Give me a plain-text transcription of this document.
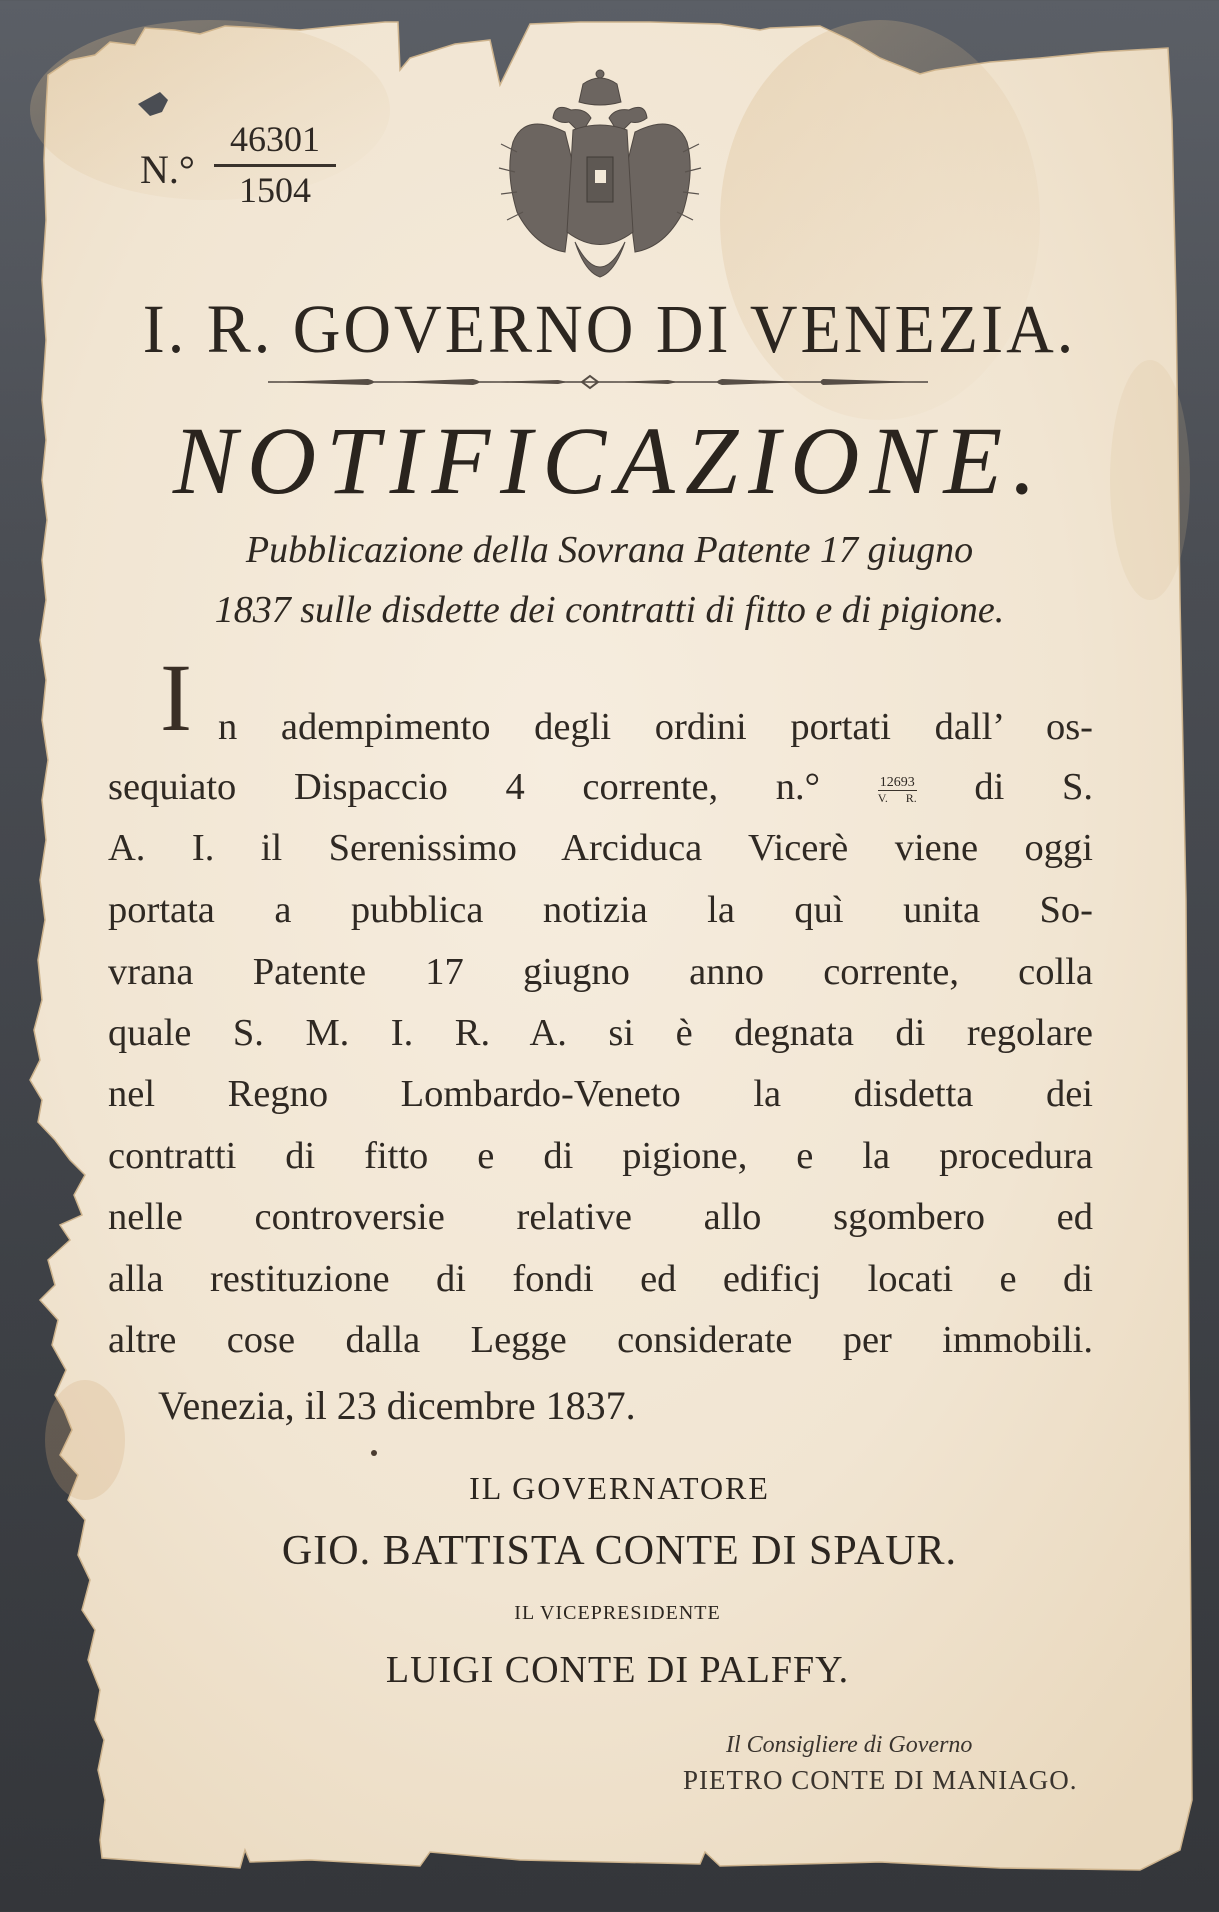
$N.^\circ \frac{46301}{1504}$
I. R. GOVERNO DI VENEZIA.
NOTIFICAZIONE.
Pubblicazione della Sovrana Patente 17 giugno
1837 sulle disdette dei contratti di fitto e di pigione.
I n adempimento degli ordini portati dall’ os-
sequiato Dispaccio 4 corrente, n.°	$\frac{12693}{V. R.}$ di S.
A. I. il Serenissimo Arciduca Vicerè viene oggi
portata a pubblica notizia la quì unita So-
vrana Patente 17 giugno anno corrente, colla
quale S. M. I. R. A. si è degnata di regolare
nel Regno Lombardo-Veneto la disdetta dei
contratti di fitto e di pigione, e la procedura
nelle controversie relative allo sgombero ed
alla restituzione di fondi ed edificj locati e di
altre cose dalla Legge considerate per immobili.
Venezia, il 23 dicembre 1837.
IL GOVERNATORE
GIO. BATTISTA CONTE DI SPAUR.
IL VICEPRESIDENTE
LUIGI CONTE DI PALFFY.
Il Consigliere di Governo
PIETRO CONTE DI MANIAGO.
